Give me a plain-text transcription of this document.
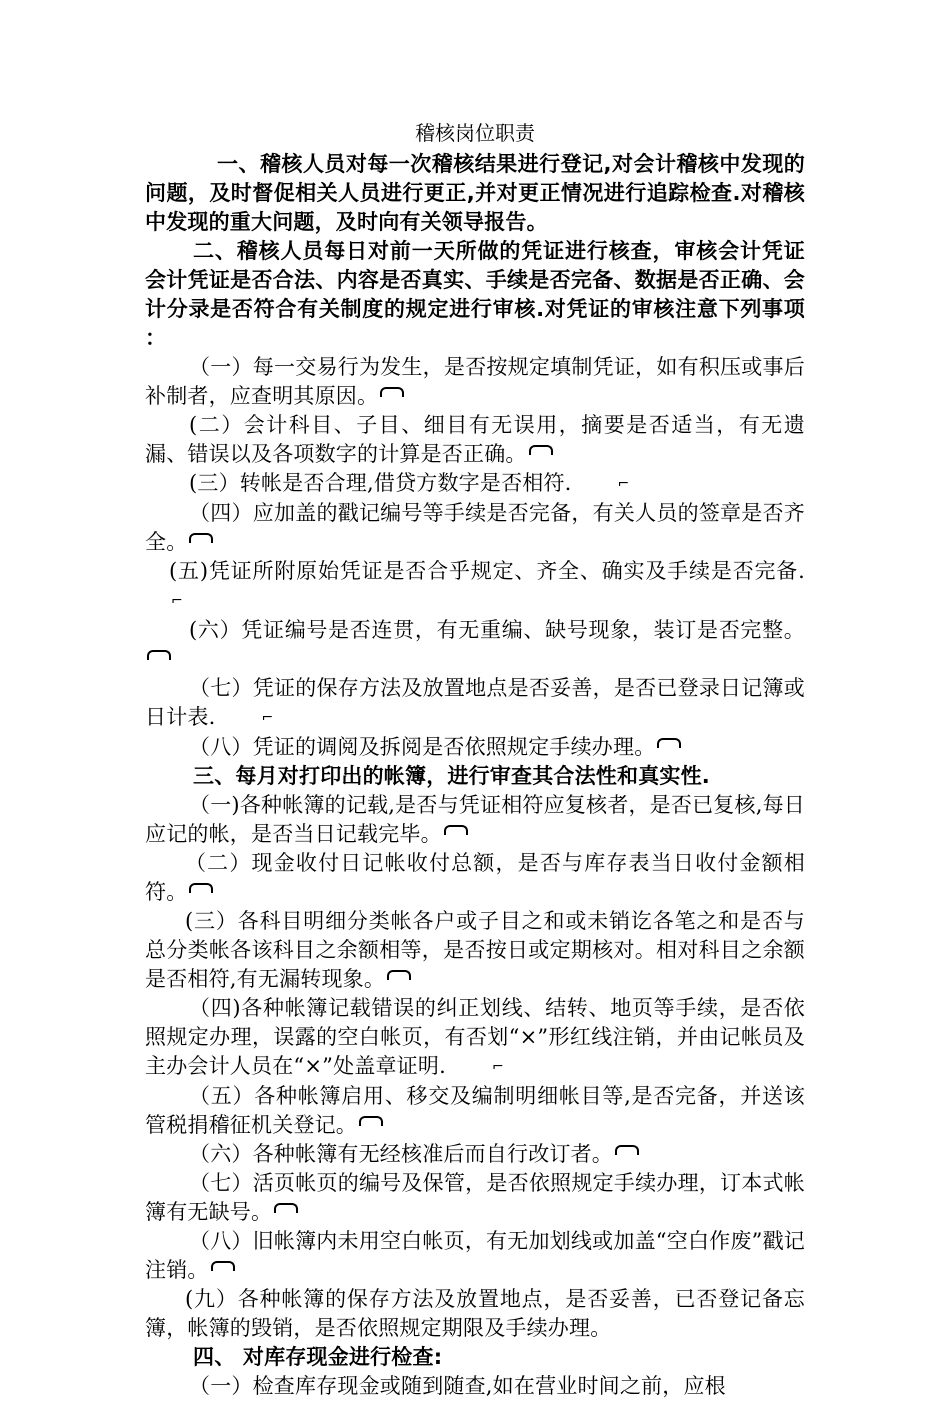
稽核岗位职责

一、稽核人员对每一次稽核结果进行登记,对会计稽核中发现的问题，及时督促相关人员进行更正,并对更正情况进行追踪检查.对稽核中发现的重大问题，及时向有关领导报告。

二、稽核人员每日对前一天所做的凭证进行核查，审核会计凭证会计凭证是否合法、内容是否真实、手续是否完备、数据是否正确、会计分录是否符合有关制度的规定进行审核.对凭证的审核注意下列事项 ：

（一）每一交易行为发生，是否按规定填制凭证，如有积压或事后补制者，应查明其原因。

(二）会计科目、子目、细目有无误用，摘要是否适当，有无遗漏、错误以及各项数字的计算是否正确。

(三）转帐是否合理,借贷方数字是否相符.	⌐

（四）应加盖的戳记编号等手续是否完备，有关人员的签章是否齐全。

(五)凭证所附原始凭证是否合乎规定、齐全、确实及手续是否完备.⌐

(六）凭证编号是否连贯，有无重编、缺号现象，装订是否完整。

（七）凭证的保存方法及放置地点是否妥善，是否已登录日记簿或日计表.	⌐

（八）凭证的调阅及拆阅是否依照规定手续办理。

三、每月对打印出的帐簿，进行审查其合法性和真实性.

（一)各种帐簿的记载,是否与凭证相符应复核者，是否已复核,每日应记的帐，是否当日记载完毕。

（二）现金收付日记帐收付总额，是否与库存表当日收付金额相符。

(三）各科目明细分类帐各户或子目之和或未销讫各笔之和是否与总分类帐各该科目之余额相等，是否按日或定期核对。相对科目之余额是否相符,有无漏转现象。

（四)各种帐簿记载错误的纠正划线、结转、地页等手续，是否依照规定办理，误露的空白帐页，有否划“×”形红线注销，并由记帐员及主办会计人员在“×”处盖章证明.	⌐

（五）各种帐簿启用、移交及编制明细帐目等,是否完备，并送该管税捐稽征机关登记。

（六）各种帐簿有无经核准后而自行改订者。

（七）活页帐页的编号及保管，是否依照规定手续办理，订本式帐簿有无缺号。

（八）旧帐簿内未用空白帐页，有无加划线或加盖“空白作废”戳记注销。

(九）各种帐簿的保存方法及放置地点，是否妥善，已否登记备忘簿，帐簿的毁销，是否依照规定期限及手续办理。

四、 对库存现金进行检查:

（一）检查库存现金或随到随查,如在营业时间之前，应根
